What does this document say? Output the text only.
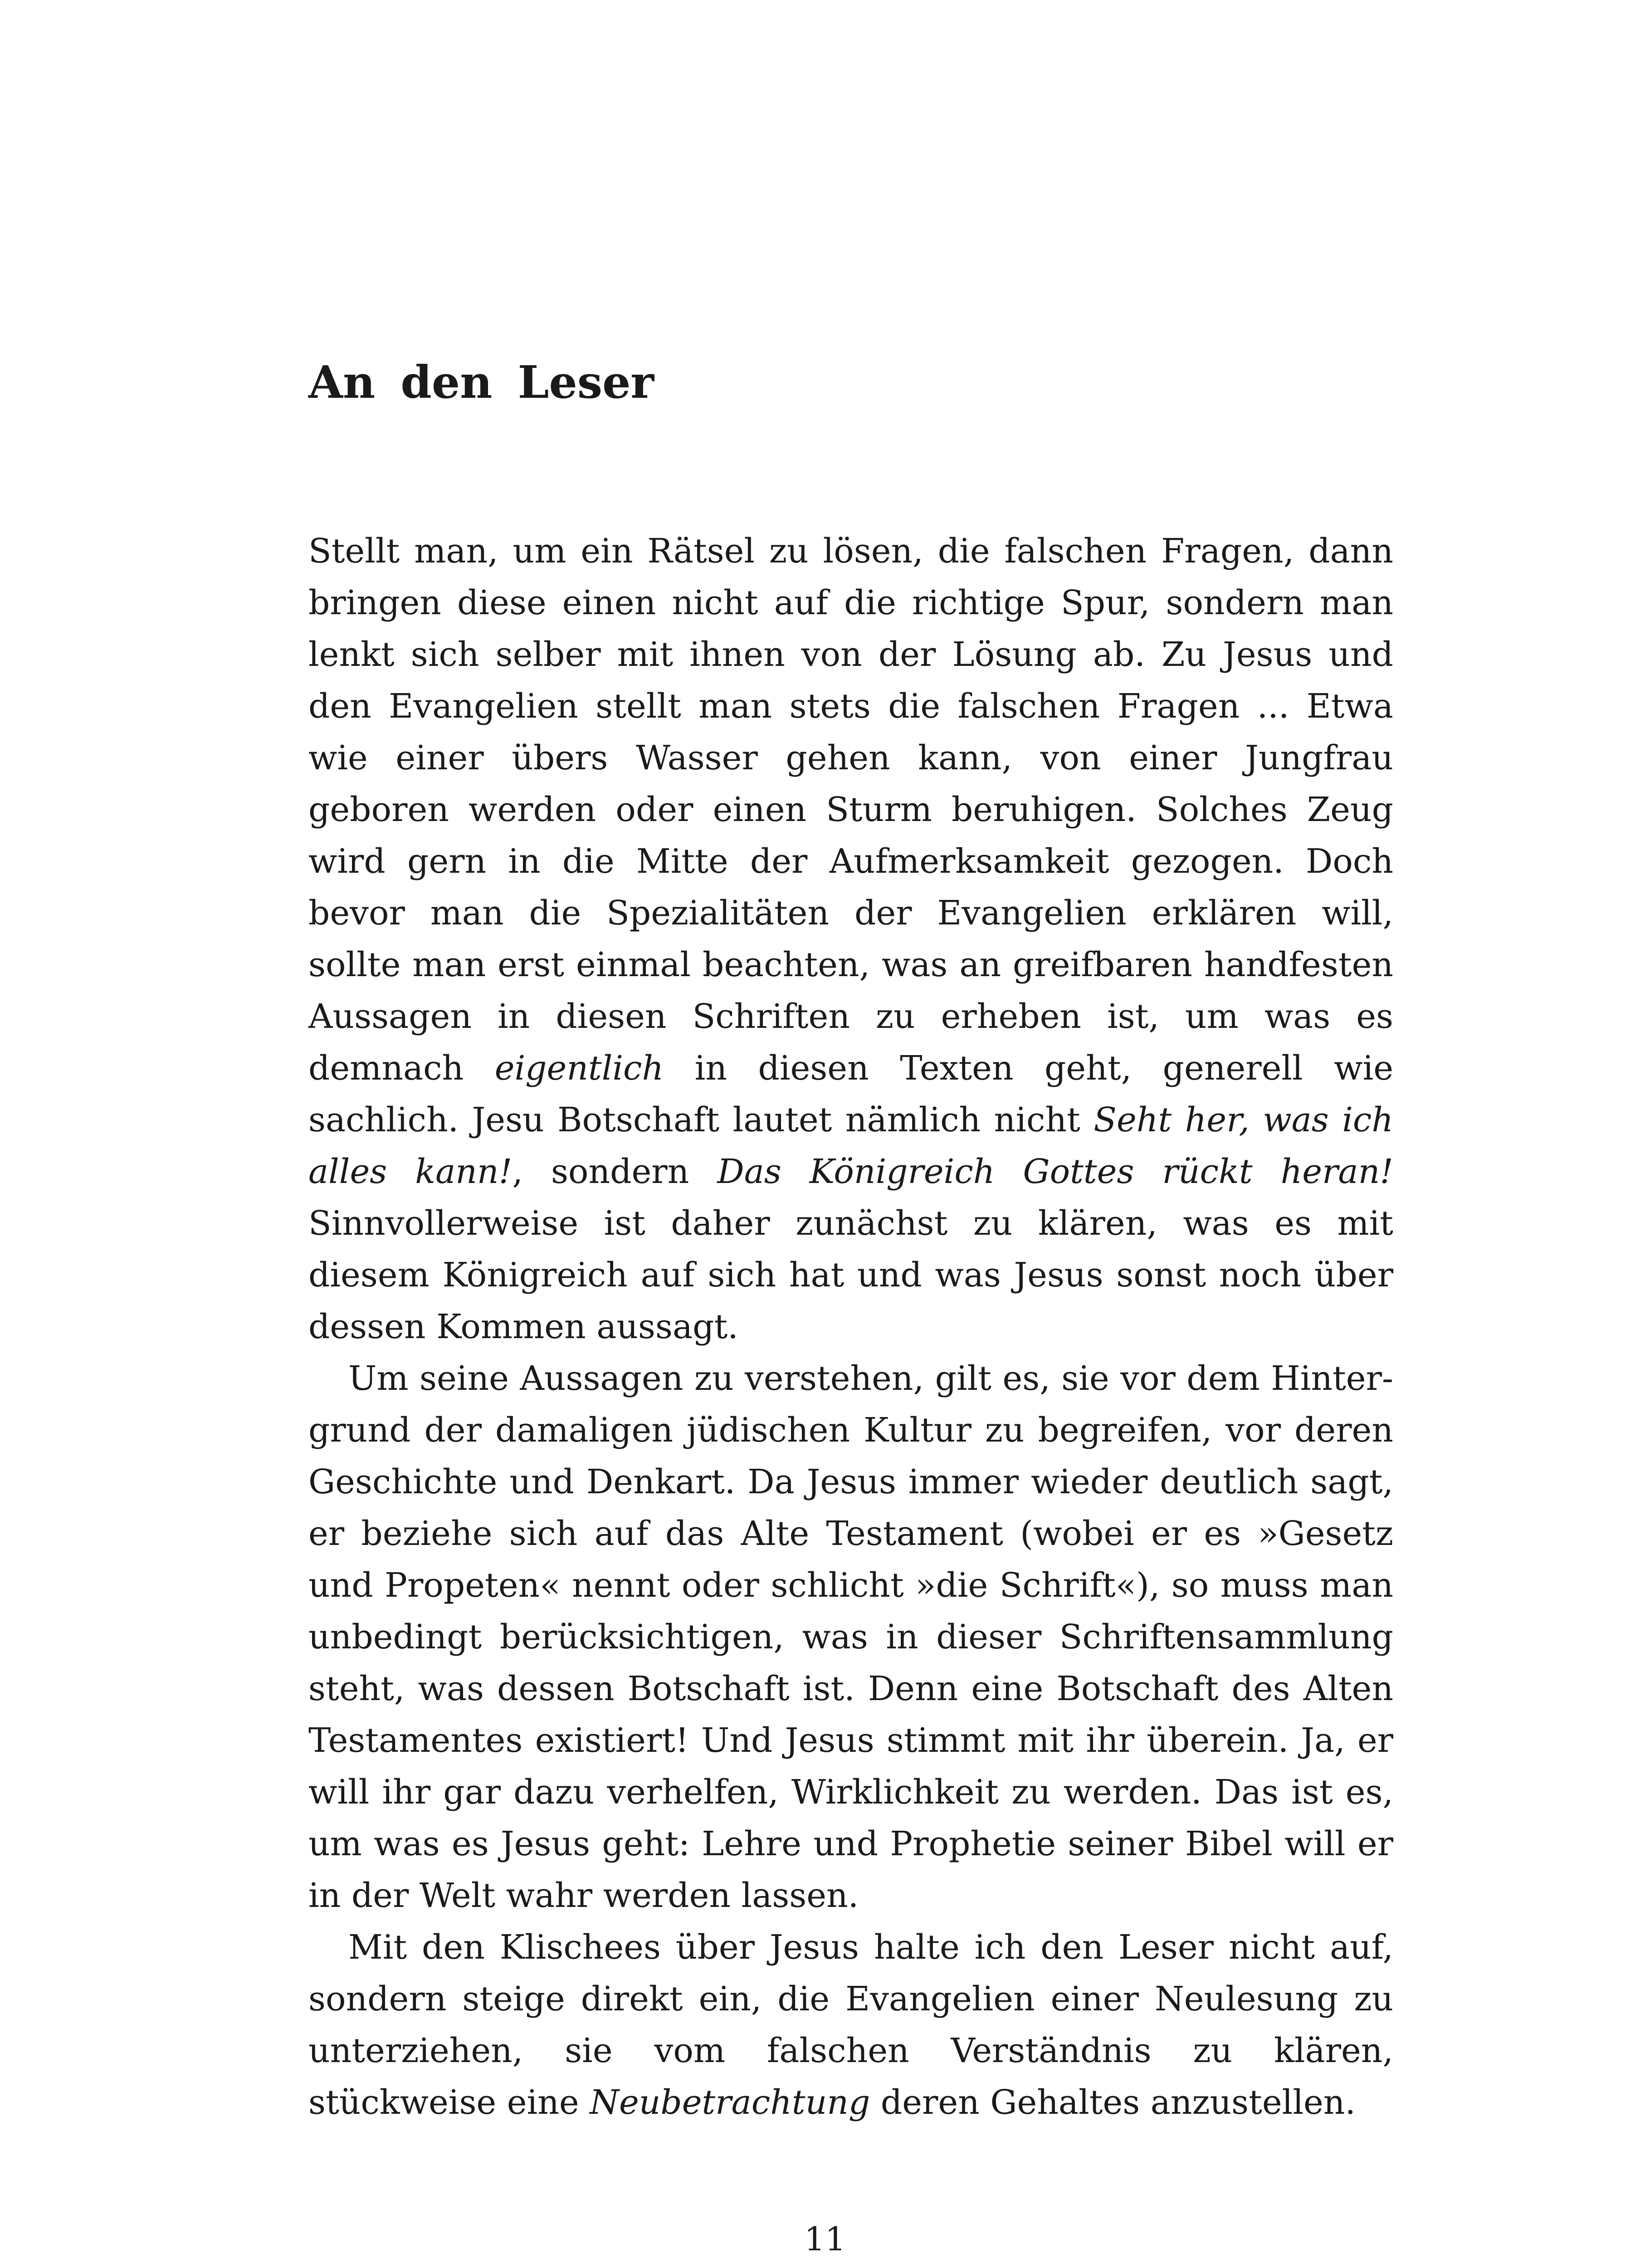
An den Leser

Stellt man, um ein Rätsel zu lösen, die falschen Fragen, dann bringen diese einen nicht auf die richtige Spur, sondern man lenkt sich selber mit ihnen von der Lösung ab. Zu Jesus und den Evangelien stellt man stets die falschen Fragen ... Etwa wie einer übers Wasser gehen kann, von einer Jungfrau geboren werden oder einen Sturm beruhigen. Solches Zeug wird gern in die Mitte der Aufmerksamkeit gezogen. Doch bevor man die Spezialitäten der Evangelien erklären will, sollte man erst einmal beachten, was an greifbaren handfesten Aussagen in diesen Schriften zu erheben ist, um was es demnach eigentlich in diesen Texten geht, generell wie sachlich. Jesu Botschaft lautet nämlich nicht Seht her, was ich alles kann!, sondern Das Königreich Gottes rückt heran! Sinnvollerweise ist daher zunächst zu klären, was es mit diesem Königreich auf sich hat und was Jesus sonst noch über dessen Kommen aussagt.

Um seine Aussagen zu verstehen, gilt es, sie vor dem Hintergrund der damaligen jüdischen Kultur zu begreifen, vor deren Geschichte und Denkart. Da Jesus immer wieder deutlich sagt, er beziehe sich auf das Alte Testament (wobei er es »Gesetz und Propeten« nennt oder schlicht »die Schrift«), so muss man unbedingt berücksichtigen, was in dieser Schriftensammlung steht, was dessen Botschaft ist. Denn eine Botschaft des Alten Testamentes existiert! Und Jesus stimmt mit ihr überein. Ja, er will ihr gar dazu verhelfen, Wirklichkeit zu werden. Das ist es, um was es Jesus geht: Lehre und Prophetie seiner Bibel will er in der Welt wahr werden lassen.

Mit den Klischees über Jesus halte ich den Leser nicht auf, sondern steige direkt ein, die Evangelien einer Neulesung zu unterziehen, sie vom falschen Verständnis zu klären, stückweise eine Neubetrachtung deren Gehaltes anzustellen.

11
